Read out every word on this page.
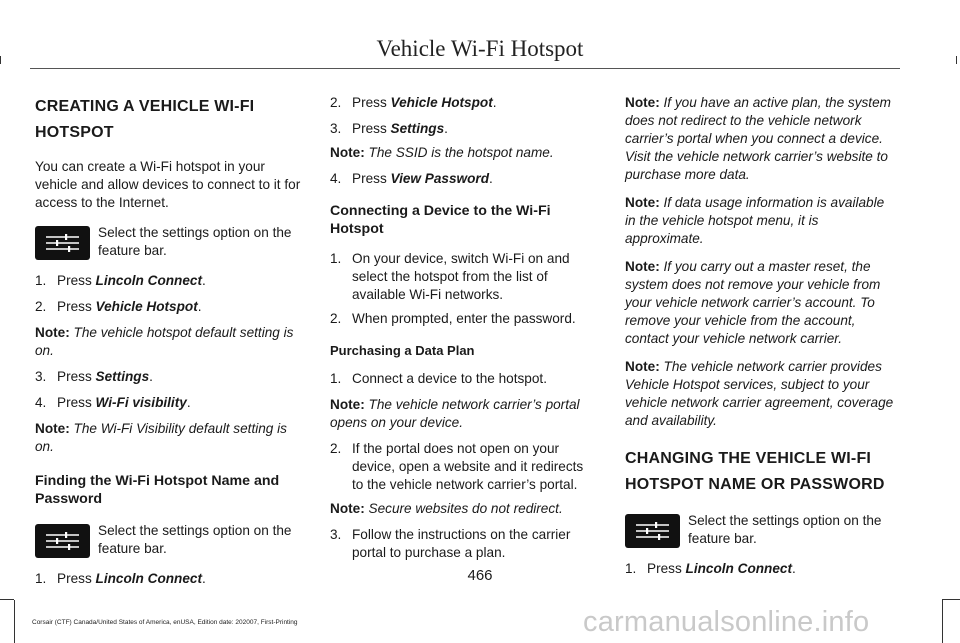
Vehicle Wi-Fi Hotspot
CREATING A VEHICLE WI-FI
HOTSPOT

You can create a Wi-Fi hotspot in your vehicle and allow devices to connect to it for access to the Internet.

Select the settings option on the feature bar.

1. Press Lincoln Connect.
2. Press Vehicle Hotspot.

Note: The vehicle hotspot default setting is on.

3. Press Settings.
4. Press Wi-Fi visibility.

Note: The Wi-Fi Visibility default setting is on.

Finding the Wi-Fi Hotspot Name and Password

Select the settings option on the feature bar.

1. Press Lincoln Connect.
2. Press Vehicle Hotspot.
3. Press Settings.

Note: The SSID is the hotspot name.

4. Press View Password.
Connecting a Device to the Wi-Fi Hotspot
1. On your device, switch Wi-Fi on and select the hotspot from the list of available Wi-Fi networks.
2. When prompted, enter the password.
Purchasing a Data Plan
1. Connect a device to the hotspot.

Note: The vehicle network carrier’s portal opens on your device.

2. If the portal does not open on your device, open a website and it redirects to the vehicle network carrier’s portal.

Note: Secure websites do not redirect.

3. Follow the instructions on the carrier portal to purchase a plan.

Note: If you have an active plan, the system does not redirect to the vehicle network carrier’s portal when you connect a device. Visit the vehicle network carrier’s website to purchase more data.

Note: If data usage information is available in the vehicle hotspot menu, it is approximate.

Note: If you carry out a master reset, the system does not remove your vehicle from your vehicle network carrier’s account. To remove your vehicle from the account, contact your vehicle network carrier.

Note: The vehicle network carrier provides Vehicle Hotspot services, subject to your vehicle network carrier agreement, coverage and availability.

CHANGING THE VEHICLE WI-FI
HOTSPOT NAME OR PASSWORD

Select the settings option on the feature bar.

1. Press Lincoln Connect.
466
Corsair (CTF) Canada/United States of America, enUSA, Edition date: 202007, First-Printing	carmanualsonline.info
